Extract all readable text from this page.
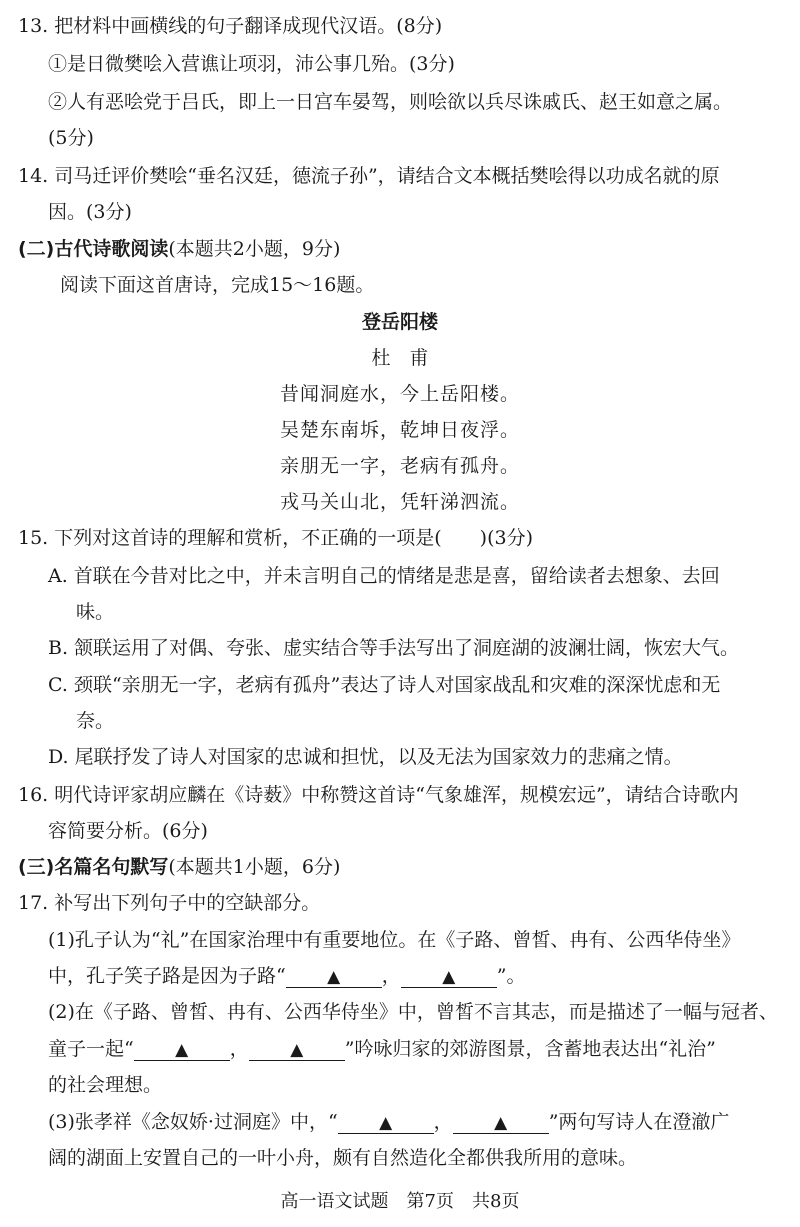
13. 把材料中画横线的句子翻译成现代汉语。(8分)
①是日微樊哙入营谯让项羽，沛公事几殆。(3分)
②人有恶哙党于吕氏，即上一日宫车晏驾，则哙欲以兵尽诛戚氏、赵王如意之属。
(5分)
14. 司马迁评价樊哙“垂名汉廷，德流子孙”，请结合文本概括樊哙得以功成名就的原
因。(3分)
(二)古代诗歌阅读(本题共2小题，9分)
阅读下面这首唐诗，完成15～16题。
登岳阳楼
杜　甫
昔闻洞庭水，今上岳阳楼。
吴楚东南坼，乾坤日夜浮。
亲朋无一字，老病有孤舟。
戎马关山北，凭轩涕泗流。
15. 下列对这首诗的理解和赏析，不正确的一项是( )(3分)
A. 首联在今昔对比之中，并未言明自己的情绪是悲是喜，留给读者去想象、去回
味。
B. 颔联运用了对偶、夸张、虚实结合等手法写出了洞庭湖的波澜壮阔，恢宏大气。
C. 颈联“亲朋无一字，老病有孤舟”表达了诗人对国家战乱和灾难的深深忧虑和无
奈。
D. 尾联抒发了诗人对国家的忠诚和担忧，以及无法为国家效力的悲痛之情。
16. 明代诗评家胡应麟在《诗薮》中称赞这首诗“气象雄浑，规模宏远”，请结合诗歌内
容简要分析。(6分)
(三)名篇名句默写(本题共1小题，6分)
17. 补写出下列句子中的空缺部分。
(1)孔子认为“礼”在国家治理中有重要地位。在《子路、曾皙、冉有、公西华侍坐》
中，孔子笑子路是因为子路“ ▲ ， ▲ ”。
(2)在《子路、曾皙、冉有、公西华侍坐》中，曾皙不言其志，而是描述了一幅与冠者、
童子一起“ ▲ ， ▲ ”吟咏归家的郊游图景，含蓄地表达出“礼治”
的社会理想。
(3)张孝祥《念奴娇·过洞庭》中，“ ▲ ， ▲ ”两句写诗人在澄澈广
阔的湖面上安置自己的一叶小舟，颇有自然造化全都供我所用的意味。
高一语文试题　第7页　共8页
